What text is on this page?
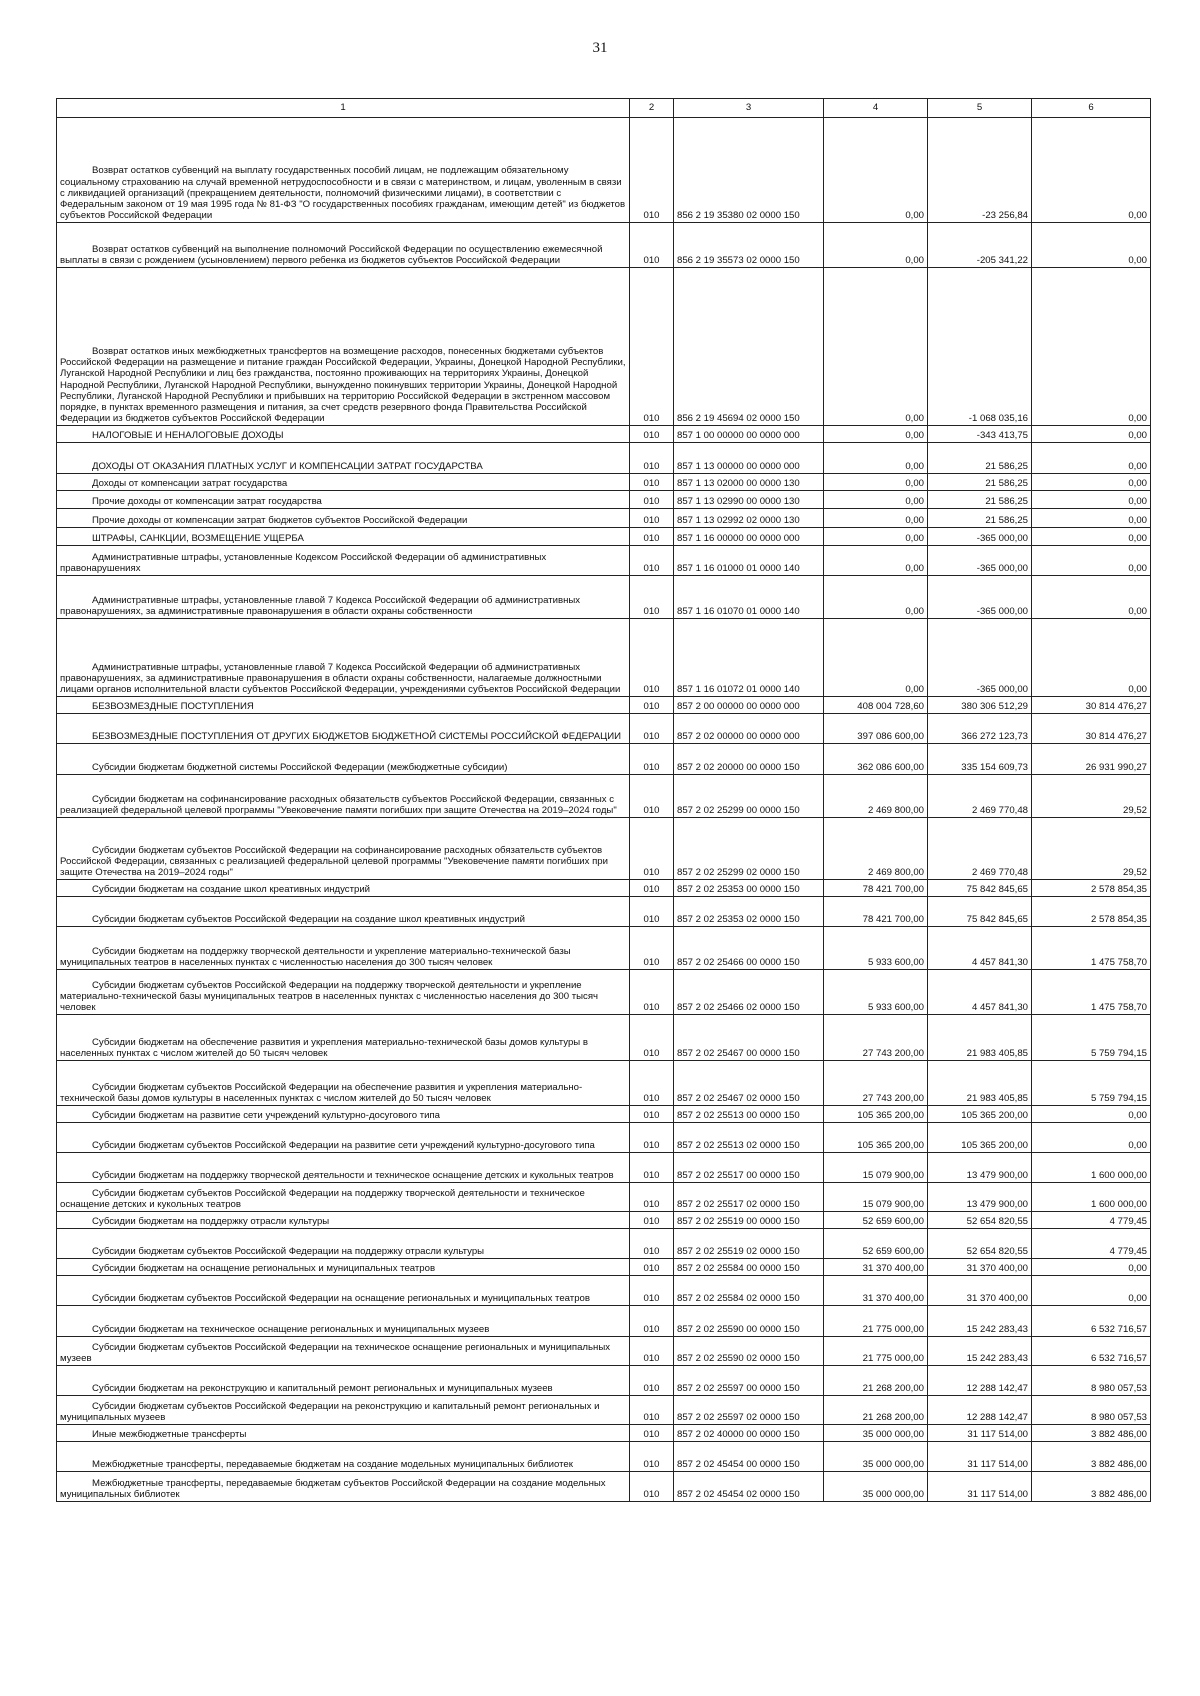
31
1	2	3	4	5	6
Возврат остатков субвенций на выплату государственных пособий лицам, не подлежащим обязательному социальному страхованию на случай временной нетрудоспособности и в связи с материнством, и лицам, уволенным в связи с ликвидацией организаций (прекращением деятельности, полномочий физическими лицами), в соответствии с Федеральным законом от 19 мая 1995 года № 81-ФЗ "О государственных пособиях гражданам, имеющим детей" из бюджетов субъектов Российской Федерации	010	856 2 19 35380 02 0000 150	0,00	-23 256,84	0,00
Возврат остатков субвенций на выполнение полномочий Российской Федерации по осуществлению ежемесячной выплаты в связи с рождением (усыновлением) первого ребенка из бюджетов субъектов Российской Федерации	010	856 2 19 35573 02 0000 150	0,00	-205 341,22	0,00
Возврат остатков иных межбюджетных трансфертов на возмещение расходов, понесенных бюджетами субъектов Российской Федерации на размещение и питание граждан Российской Федерации, Украины, Донецкой Народной Республики, Луганской Народной Республики и лиц без гражданства, постоянно проживающих на территориях Украины, Донецкой Народной Республики, Луганской Народной Республики, вынужденно покинувших территории Украины, Донецкой Народной Республики, Луганской Народной Республики и прибывших на территорию Российской Федерации в экстренном массовом порядке, в пунктах временного размещения и питания, за счет средств резервного фонда Правительства Российской Федерации из бюджетов субъектов Российской Федерации	010	856 2 19 45694 02 0000 150	0,00	-1 068 035,16	0,00
НАЛОГОВЫЕ И НЕНАЛОГОВЫЕ ДОХОДЫ	010	857 1 00 00000 00 0000 000	0,00	-343 413,75	0,00
ДОХОДЫ ОТ ОКАЗАНИЯ ПЛАТНЫХ УСЛУГ И КОМПЕНСАЦИИ ЗАТРАТ ГОСУДАРСТВА	010	857 1 13 00000 00 0000 000	0,00	21 586,25	0,00
Доходы от компенсации затрат государства	010	857 1 13 02000 00 0000 130	0,00	21 586,25	0,00
Прочие доходы от компенсации затрат государства	010	857 1 13 02990 00 0000 130	0,00	21 586,25	0,00
Прочие доходы от компенсации затрат бюджетов субъектов Российской Федерации	010	857 1 13 02992 02 0000 130	0,00	21 586,25	0,00
ШТРАФЫ, САНКЦИИ, ВОЗМЕЩЕНИЕ УЩЕРБА	010	857 1 16 00000 00 0000 000	0,00	-365 000,00	0,00
Административные штрафы, установленные Кодексом Российской Федерации об административных правонарушениях	010	857 1 16 01000 01 0000 140	0,00	-365 000,00	0,00
Административные штрафы, установленные главой 7 Кодекса Российской Федерации об административных правонарушениях, за административные правонарушения в области охраны собственности	010	857 1 16 01070 01 0000 140	0,00	-365 000,00	0,00
Административные штрафы, установленные главой 7 Кодекса Российской Федерации об административных правонарушениях, за административные правонарушения в области охраны собственности, налагаемые должностными лицами органов исполнительной власти субъектов Российской Федерации, учреждениями субъектов Российской Федерации	010	857 1 16 01072 01 0000 140	0,00	-365 000,00	0,00
БЕЗВОЗМЕЗДНЫЕ ПОСТУПЛЕНИЯ	010	857 2 00 00000 00 0000 000	408 004 728,60	380 306 512,29	30 814 476,27
БЕЗВОЗМЕЗДНЫЕ ПОСТУПЛЕНИЯ ОТ ДРУГИХ БЮДЖЕТОВ БЮДЖЕТНОЙ СИСТЕМЫ РОССИЙСКОЙ ФЕДЕРАЦИИ	010	857 2 02 00000 00 0000 000	397 086 600,00	366 272 123,73	30 814 476,27
Субсидии бюджетам бюджетной системы Российской Федерации (межбюджетные субсидии)	010	857 2 02 20000 00 0000 150	362 086 600,00	335 154 609,73	26 931 990,27
Субсидии бюджетам на софинансирование расходных обязательств субъектов Российской Федерации, связанных с реализацией федеральной целевой программы "Увековечение памяти погибших при защите Отечества на 2019–2024 годы"	010	857 2 02 25299 00 0000 150	2 469 800,00	2 469 770,48	29,52
Субсидии бюджетам субъектов Российской Федерации на софинансирование расходных обязательств субъектов Российской Федерации, связанных с реализацией федеральной целевой программы "Увековечение памяти погибших при защите Отечества на 2019–2024 годы"	010	857 2 02 25299 02 0000 150	2 469 800,00	2 469 770,48	29,52
Субсидии бюджетам на создание школ креативных индустрий	010	857 2 02 25353 00 0000 150	78 421 700,00	75 842 845,65	2 578 854,35
Субсидии бюджетам субъектов Российской Федерации на создание школ креативных индустрий	010	857 2 02 25353 02 0000 150	78 421 700,00	75 842 845,65	2 578 854,35
Субсидии бюджетам на поддержку творческой деятельности и укрепление материально-технической базы муниципальных театров в населенных пунктах с численностью населения до 300 тысяч человек	010	857 2 02 25466 00 0000 150	5 933 600,00	4 457 841,30	1 475 758,70
Субсидии бюджетам субъектов Российской Федерации на поддержку творческой деятельности и укрепление материально-технической базы муниципальных театров в населенных пунктах с численностью населения до 300 тысяч человек	010	857 2 02 25466 02 0000 150	5 933 600,00	4 457 841,30	1 475 758,70
Субсидии бюджетам на обеспечение развития и укрепления материально-технической базы домов культуры в населенных пунктах с числом жителей до 50 тысяч человек	010	857 2 02 25467 00 0000 150	27 743 200,00	21 983 405,85	5 759 794,15
Субсидии бюджетам субъектов Российской Федерации на обеспечение развития и укрепления материально-технической базы домов культуры в населенных пунктах с числом жителей до 50 тысяч человек	010	857 2 02 25467 02 0000 150	27 743 200,00	21 983 405,85	5 759 794,15
Субсидии бюджетам на развитие сети учреждений культурно-досугового типа	010	857 2 02 25513 00 0000 150	105 365 200,00	105 365 200,00	0,00
Субсидии бюджетам субъектов Российской Федерации на развитие сети учреждений культурно-досугового типа	010	857 2 02 25513 02 0000 150	105 365 200,00	105 365 200,00	0,00
Субсидии бюджетам на поддержку творческой деятельности и техническое оснащение детских и кукольных театров	010	857 2 02 25517 00 0000 150	15 079 900,00	13 479 900,00	1 600 000,00
Субсидии бюджетам субъектов Российской Федерации на поддержку творческой деятельности и техническое оснащение детских и кукольных театров	010	857 2 02 25517 02 0000 150	15 079 900,00	13 479 900,00	1 600 000,00
Субсидии бюджетам на поддержку отрасли культуры	010	857 2 02 25519 00 0000 150	52 659 600,00	52 654 820,55	4 779,45
Субсидии бюджетам субъектов Российской Федерации на поддержку отрасли культуры	010	857 2 02 25519 02 0000 150	52 659 600,00	52 654 820,55	4 779,45
Субсидии бюджетам на оснащение региональных и муниципальных театров	010	857 2 02 25584 00 0000 150	31 370 400,00	31 370 400,00	0,00
Субсидии бюджетам субъектов Российской Федерации на оснащение региональных и муниципальных театров	010	857 2 02 25584 02 0000 150	31 370 400,00	31 370 400,00	0,00
Субсидии бюджетам на техническое оснащение региональных и муниципальных музеев	010	857 2 02 25590 00 0000 150	21 775 000,00	15 242 283,43	6 532 716,57
Субсидии бюджетам субъектов Российской Федерации на техническое оснащение региональных и муниципальных музеев	010	857 2 02 25590 02 0000 150	21 775 000,00	15 242 283,43	6 532 716,57
Субсидии бюджетам на реконструкцию и капитальный ремонт региональных и муниципальных музеев	010	857 2 02 25597 00 0000 150	21 268 200,00	12 288 142,47	8 980 057,53
Субсидии бюджетам субъектов Российской Федерации на реконструкцию и капитальный ремонт региональных и муниципальных музеев	010	857 2 02 25597 02 0000 150	21 268 200,00	12 288 142,47	8 980 057,53
Иные межбюджетные трансферты	010	857 2 02 40000 00 0000 150	35 000 000,00	31 117 514,00	3 882 486,00
Межбюджетные трансферты, передаваемые бюджетам на создание модельных муниципальных библиотек	010	857 2 02 45454 00 0000 150	35 000 000,00	31 117 514,00	3 882 486,00
Межбюджетные трансферты, передаваемые бюджетам субъектов Российской Федерации на создание модельных муниципальных библиотек	010	857 2 02 45454 02 0000 150	35 000 000,00	31 117 514,00	3 882 486,00
